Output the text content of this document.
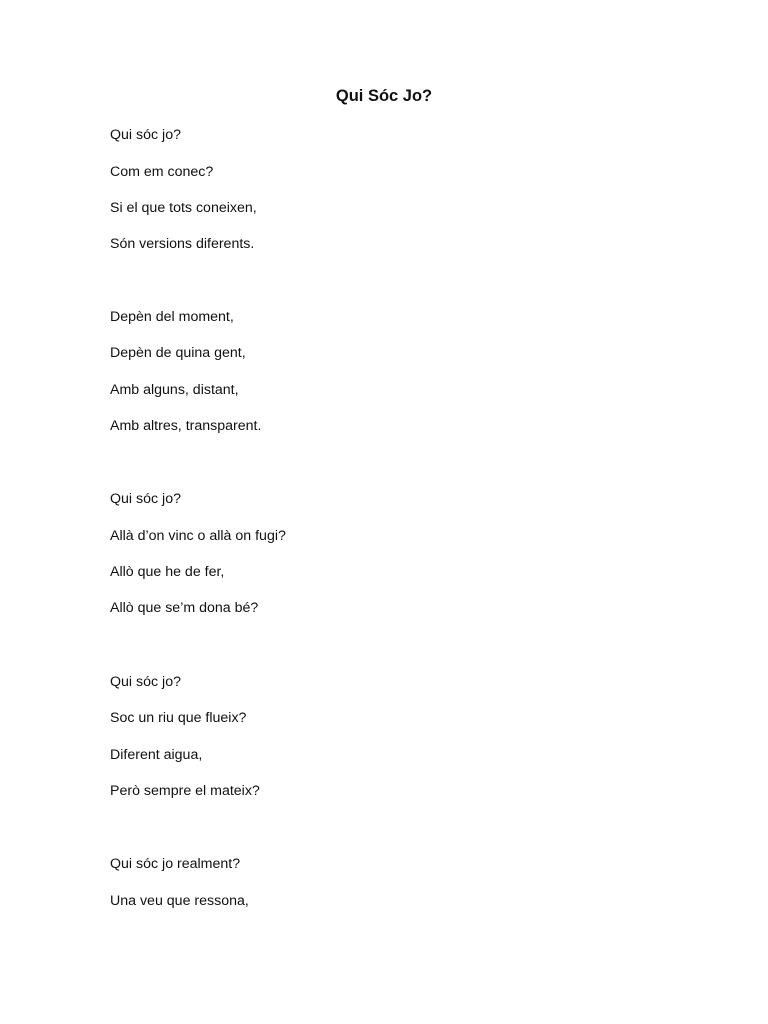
Qui Sóc Jo?

Qui sóc jo?

Com em conec?

Si el que tots coneixen,

Són versions diferents.

Depèn del moment,

Depèn de quina gent,

Amb alguns, distant,

Amb altres, transparent.

Qui sóc jo?

Allà d’on vinc o allà on fugi?

Allò que he de fer,

Allò que se’m dona bé?

Qui sóc jo?

Soc un riu que flueix?

Diferent aigua,

Però sempre el mateix?

Qui sóc jo realment?

Una veu que ressona,
